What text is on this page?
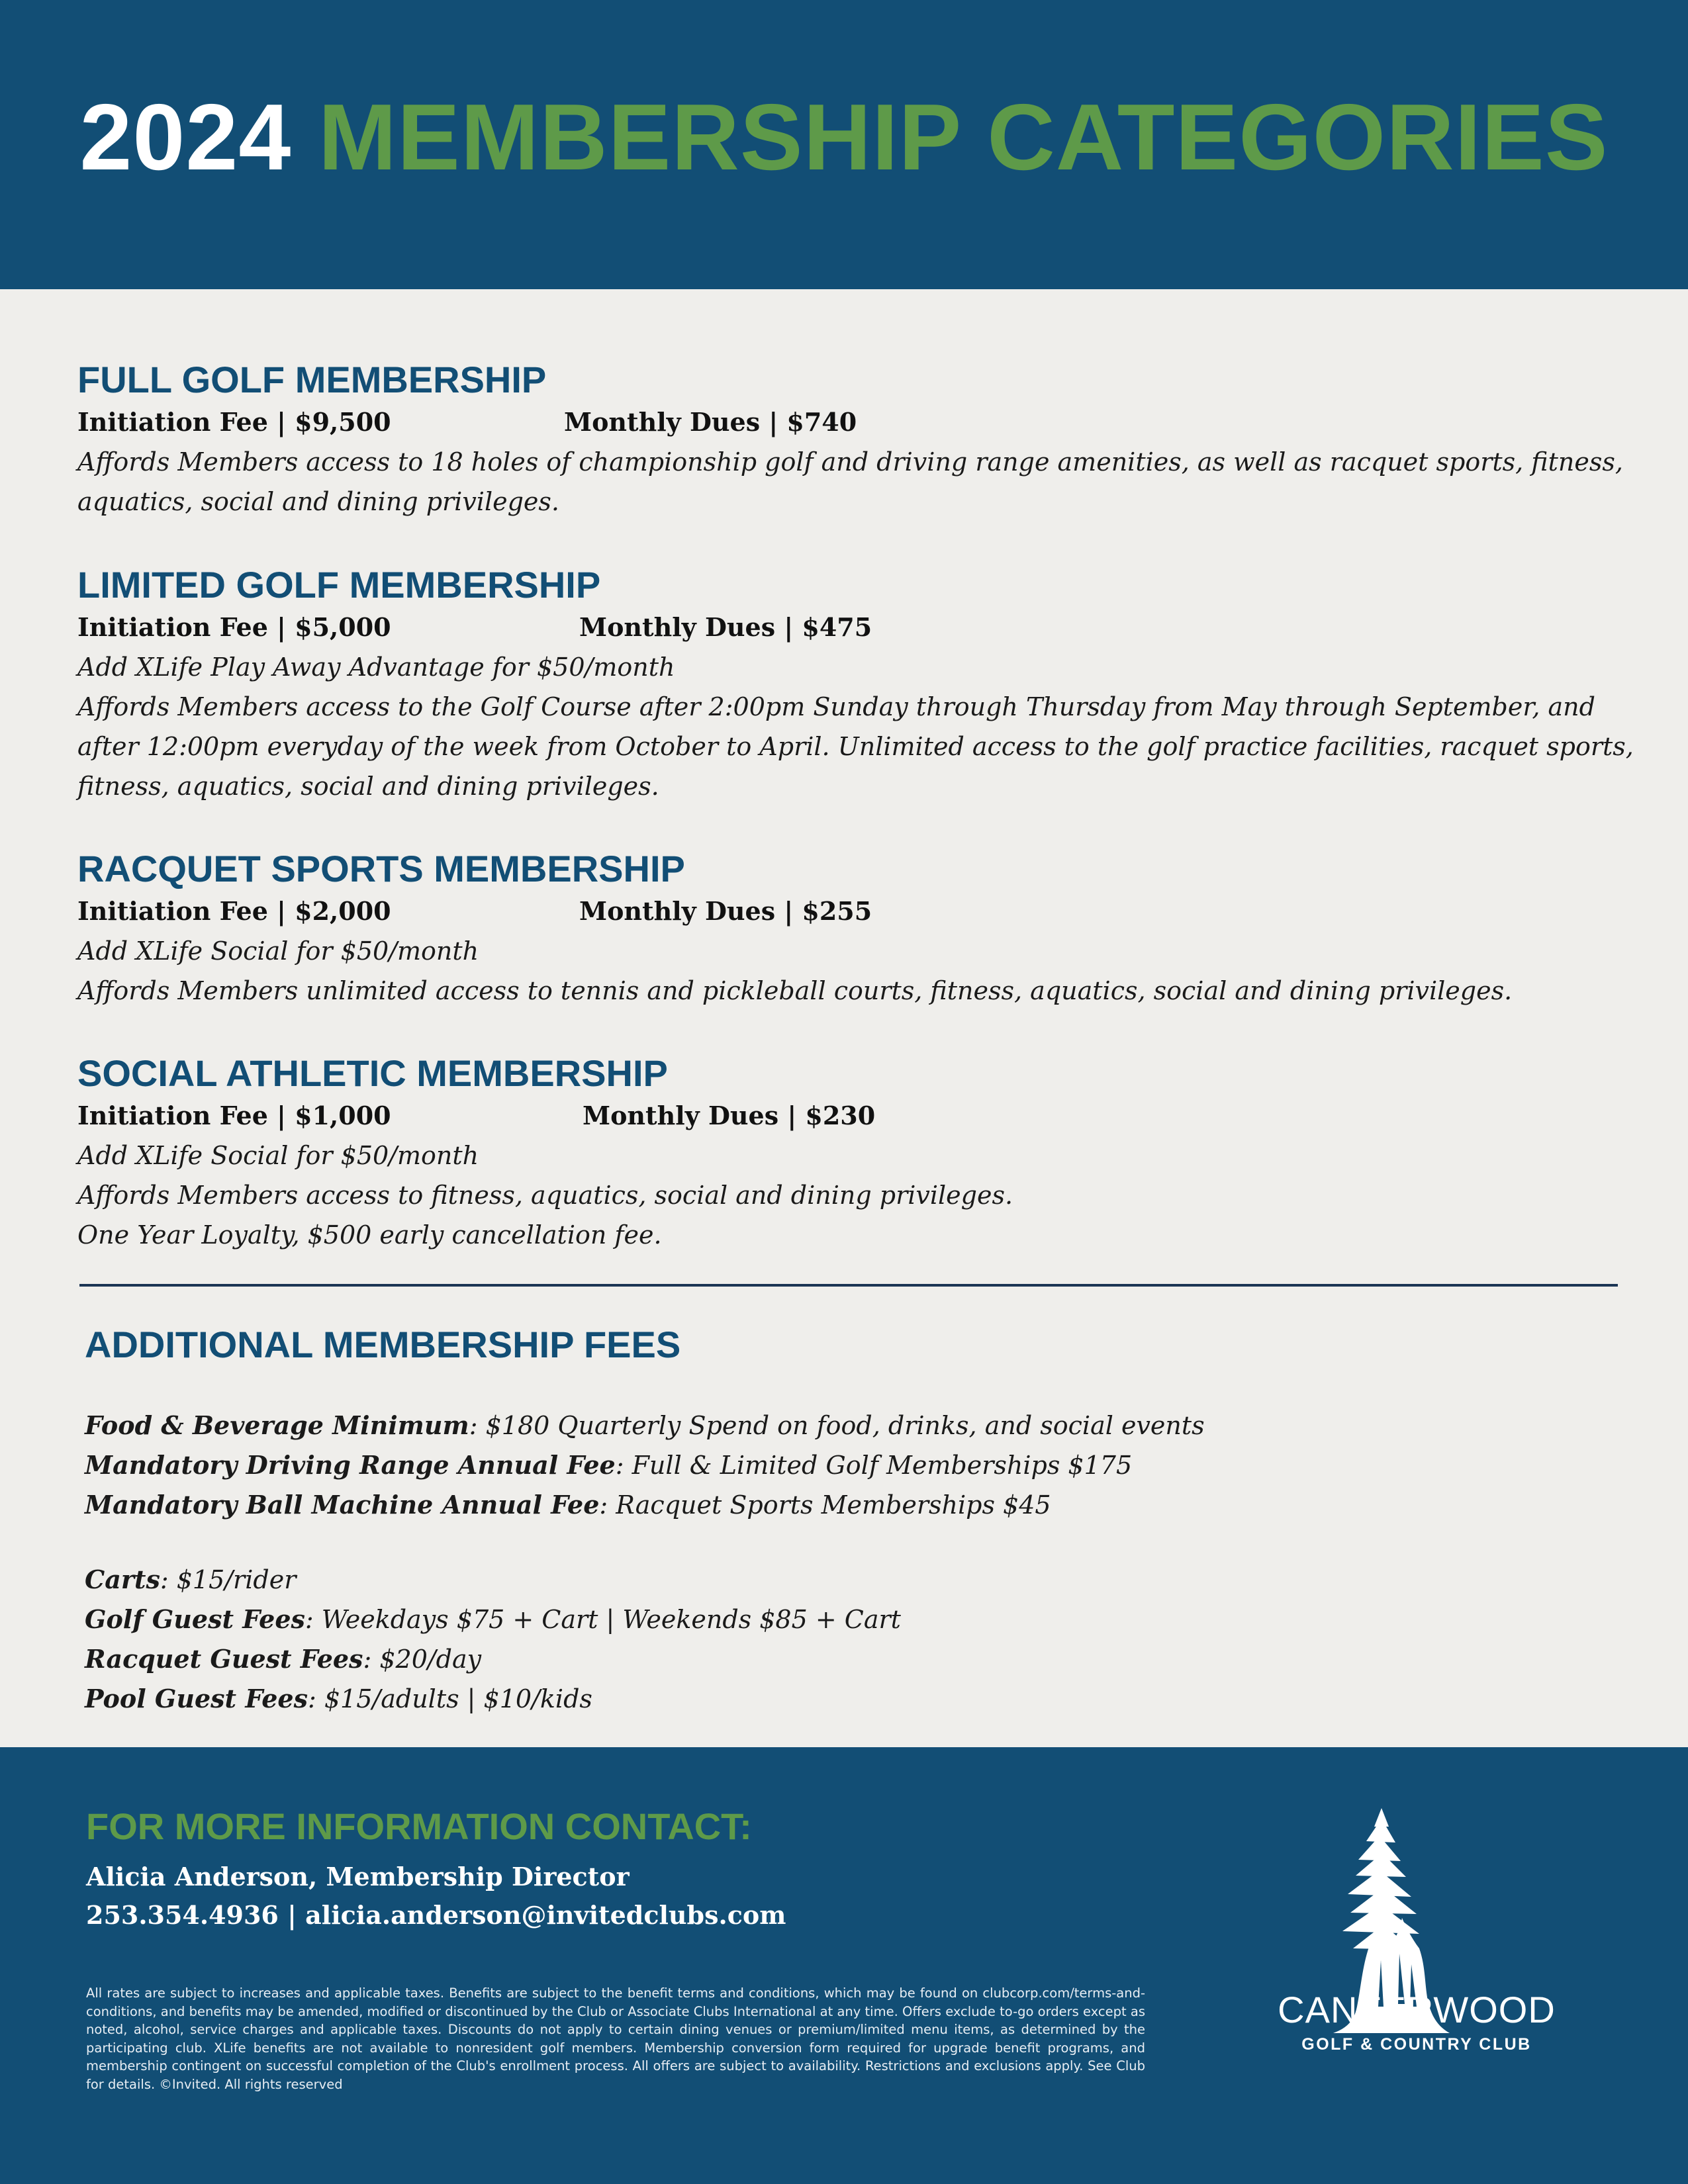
2024 MEMBERSHIP CATEGORIES
FULL GOLF MEMBERSHIP
Initiation Fee | $9,500	Monthly Dues | $740
Affords Members access to 18 holes of championship golf and driving range amenities, as well as racquet sports, fitness,
aquatics, social and dining privileges.
LIMITED GOLF MEMBERSHIP
Initiation Fee | $5,000	Monthly Dues | $475
Add XLife Play Away Advantage for $50/month
Affords Members access to the Golf Course after 2:00pm Sunday through Thursday from May through September, and
after 12:00pm everyday of the week from October to April. Unlimited access to the golf practice facilities, racquet sports,
fitness, aquatics, social and dining privileges.
RACQUET SPORTS MEMBERSHIP
Initiation Fee | $2,000	Monthly Dues | $255
Add XLife Social for $50/month
Affords Members unlimited access to tennis and pickleball courts, fitness, aquatics, social and dining privileges.
SOCIAL ATHLETIC MEMBERSHIP
Initiation Fee | $1,000	Monthly Dues | $230
Add XLife Social for $50/month
Affords Members access to fitness, aquatics, social and dining privileges.
One Year Loyalty, $500 early cancellation fee.
ADDITIONAL MEMBERSHIP FEES
Food & Beverage Minimum: $180 Quarterly Spend on food, drinks, and social events
Mandatory Driving Range Annual Fee: Full & Limited Golf Memberships $175
Mandatory Ball Machine Annual Fee: Racquet Sports Memberships $45
Carts: $15/rider
Golf Guest Fees: Weekdays $75 + Cart | Weekends $85 + Cart
Racquet Guest Fees: $20/day
Pool Guest Fees: $15/adults | $10/kids
FOR MORE INFORMATION CONTACT:
Alicia Anderson, Membership Director
253.354.4936 | alicia.anderson@invitedclubs.com
All rates are subject to increases and applicable taxes. Benefits are subject to the benefit terms and conditions, which may be found on clubcorp.com/terms-and-conditions, and benefits may be amended, modified or discontinued by the Club or Associate Clubs International at any time. Offers exclude to-go orders except as noted, alcohol, service charges and applicable taxes. Discounts do not apply to certain dining venues or premium/limited menu items, as determined by the participating club. XLife benefits are not available to nonresident golf members. Membership conversion form required for upgrade benefit programs, and membership contingent on successful completion of the Club's enrollment process. All offers are subject to availability. Restrictions and exclusions apply. See Club for details. ©Invited. All rights reserved
CANTERWOOD
GOLF & COUNTRY CLUB
